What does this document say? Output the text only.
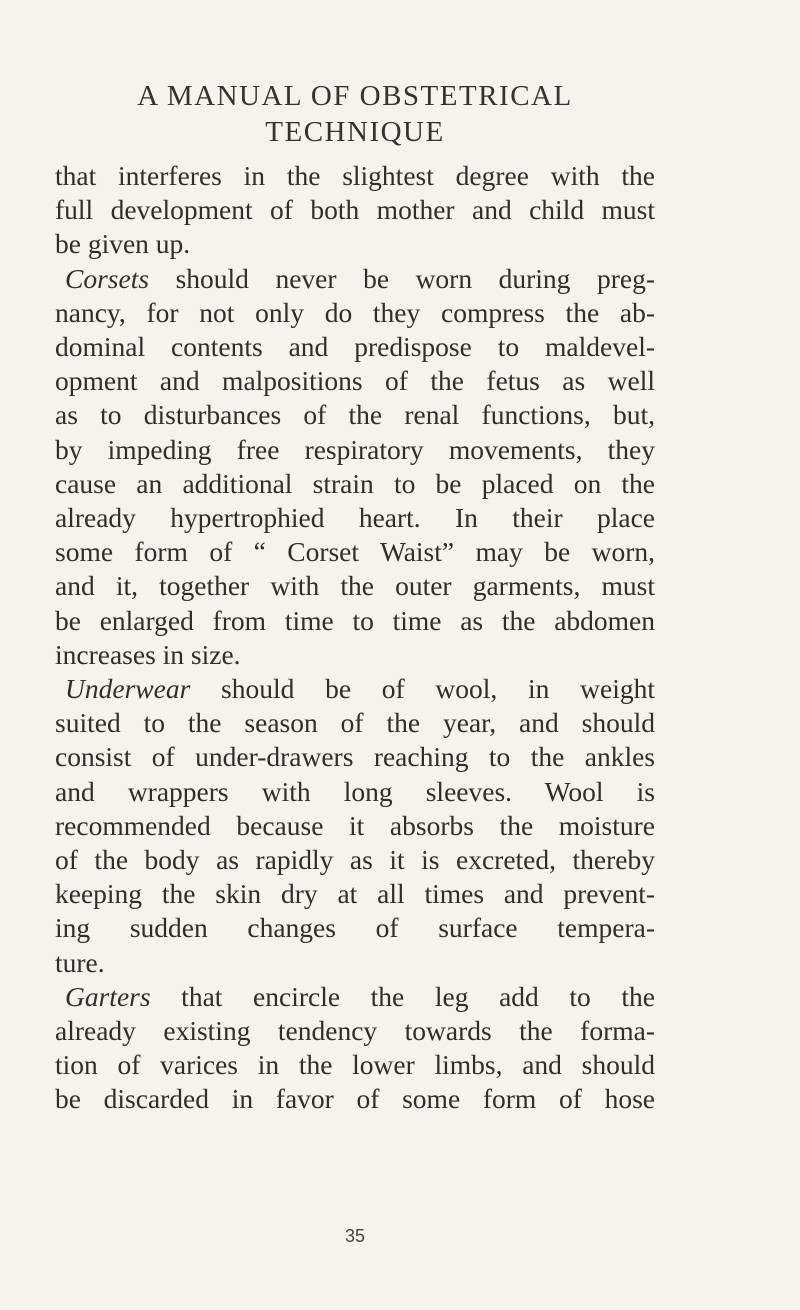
A MANUAL OF OBSTETRICAL TECHNIQUE

that interferes in the slightest degree with the
full development of both mother and child must
be given up.

Corsets should never be worn during preg-
nancy, for not only do they compress the ab-
dominal contents and predispose to maldevel-
opment and malpositions of the fetus as well
as to disturbances of the renal functions, but,
by impeding free respiratory movements, they
cause an additional strain to be placed on the
already hypertrophied heart. In their place
some form of “ Corset Waist” may be worn,
and it, together with the outer garments, must
be enlarged from time to time as the abdomen
increases in size.

Underwear should be of wool, in weight
suited to the season of the year, and should
consist of under-drawers reaching to the ankles
and wrappers with long sleeves. Wool is
recommended because it absorbs the moisture
of the body as rapidly as it is excreted, thereby
keeping the skin dry at all times and prevent-
ing sudden changes of surface tempera-
ture.

Garters that encircle the leg add to the
already existing tendency towards the forma-
tion of varices in the lower limbs, and should
be discarded in favor of some form of hose

35
